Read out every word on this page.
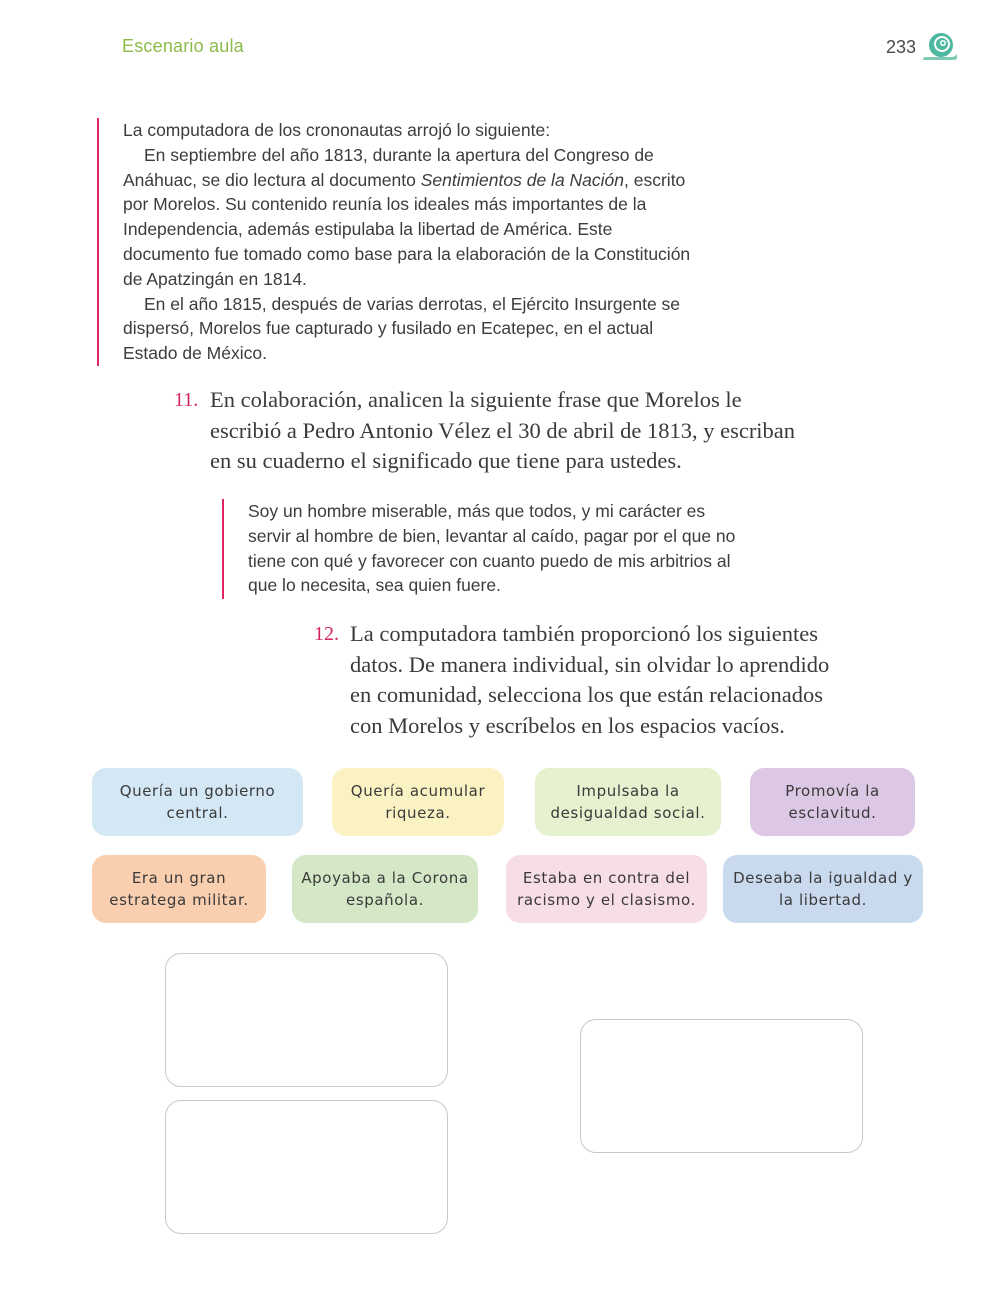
Escenario aula	233

La computadora de los crononautas arrojó lo siguiente:

En septiembre del año 1813, durante la apertura del Congreso de Anáhuac, se dio lectura al documento Sentimientos de la Nación, escrito por Morelos. Su contenido reunía los ideales más importantes de la Independencia, además estipulaba la libertad de América. Este documento fue tomado como base para la elaboración de la Constitución de Apatzingán en 1814.

En el año 1815, después de varias derrotas, el Ejército Insurgente se dispersó, Morelos fue capturado y fusilado en Ecatepec, en el actual Estado de México.

11. En colaboración, analicen la siguiente frase que Morelos le escribió a Pedro Antonio Vélez el 30 de abril de 1813, y escriban en su cuaderno el significado que tiene para ustedes.

Soy un hombre miserable, más que todos, y mi carácter es servir al hombre de bien, levantar al caído, pagar por el que no tiene con qué y favorecer con cuanto puedo de mis arbitrios al que lo necesita, sea quien fuere.

12. La computadora también proporcionó los siguientes datos. De manera individual, sin olvidar lo aprendido en comunidad, selecciona los que están relacionados con Morelos y escríbelos en los espacios vacíos.
Quería un gobierno central.
Quería acumular riqueza.
Impulsaba la desigualdad social.
Promovía la esclavitud.
Era un gran estratega militar.
Apoyaba a la Corona española.
Estaba en contra del racismo y el clasismo.
Deseaba la igualdad y la libertad.
